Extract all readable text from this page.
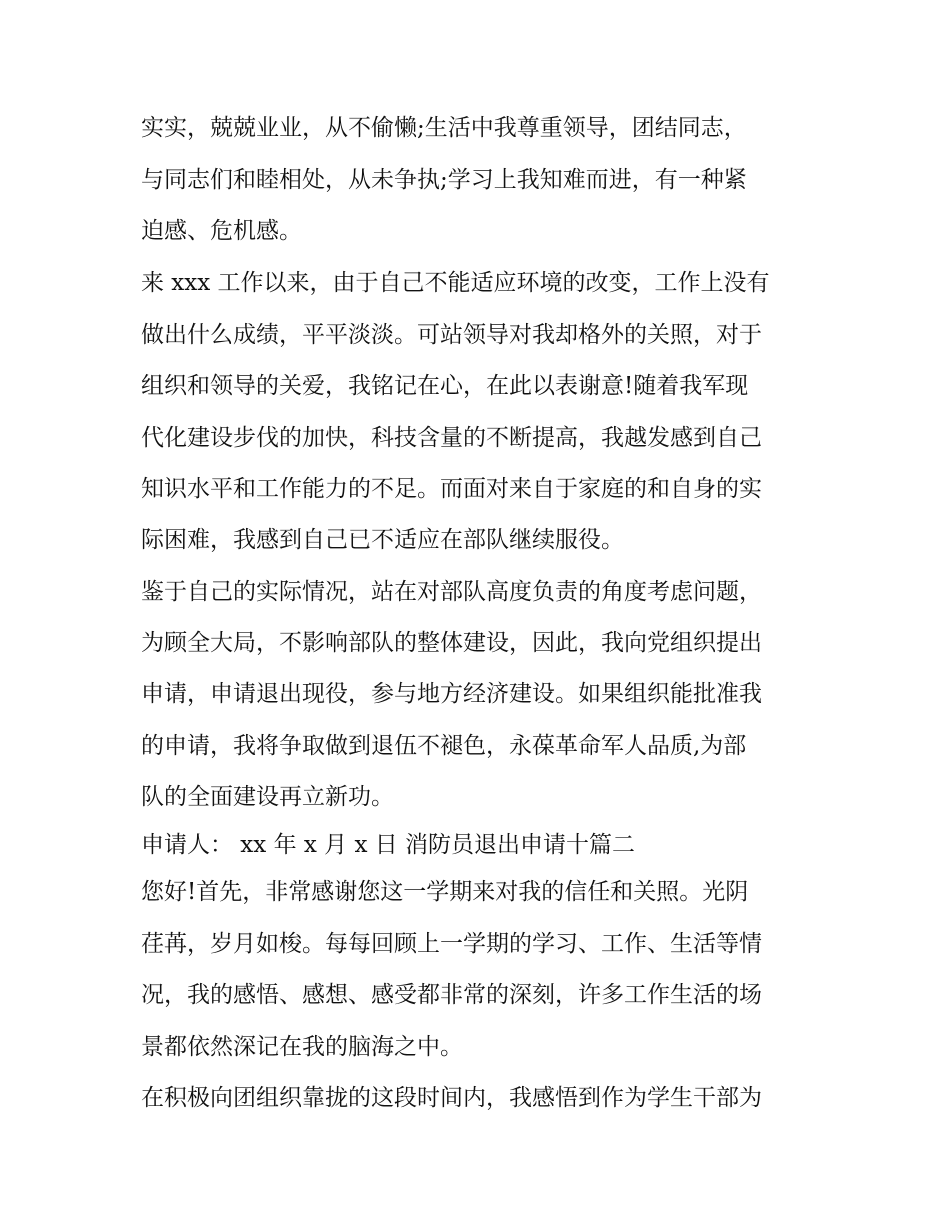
实实，兢兢业业，从不偷懒;生活中我尊重领导，团结同志，

与同志们和睦相处，从未争执;学习上我知难而进，有一种紧

迫感、危机感。

来 xxx 工作以来，由于自己不能适应环境的改变，工作上没有

做出什么成绩，平平淡淡。可站领导对我却格外的关照，对于

组织和领导的关爱，我铭记在心，在此以表谢意!随着我军现

代化建设步伐的加快，科技含量的不断提高，我越发感到自己

知识水平和工作能力的不足。而面对来自于家庭的和自身的实

际困难，我感到自己已不适应在部队继续服役。

鉴于自己的实际情况，站在对部队高度负责的角度考虑问题，

为顾全大局，不影响部队的整体建设，因此，我向党组织提出

申请，申请退出现役，参与地方经济建设。如果组织能批准我

的申请，我将争取做到退伍不褪色，永葆革命军人品质,为部

队的全面建设再立新功。

申请人： xx 年 x 月 x 日 消防员退出申请十篇二

您好!首先，非常感谢您这一学期来对我的信任和关照。光阴

荏苒，岁月如梭。每每回顾上一学期的学习、工作、生活等情

况，我的感悟、感想、感受都非常的深刻，许多工作生活的场

景都依然深记在我的脑海之中。

在积极向团组织靠拢的这段时间内，我感悟到作为学生干部为
